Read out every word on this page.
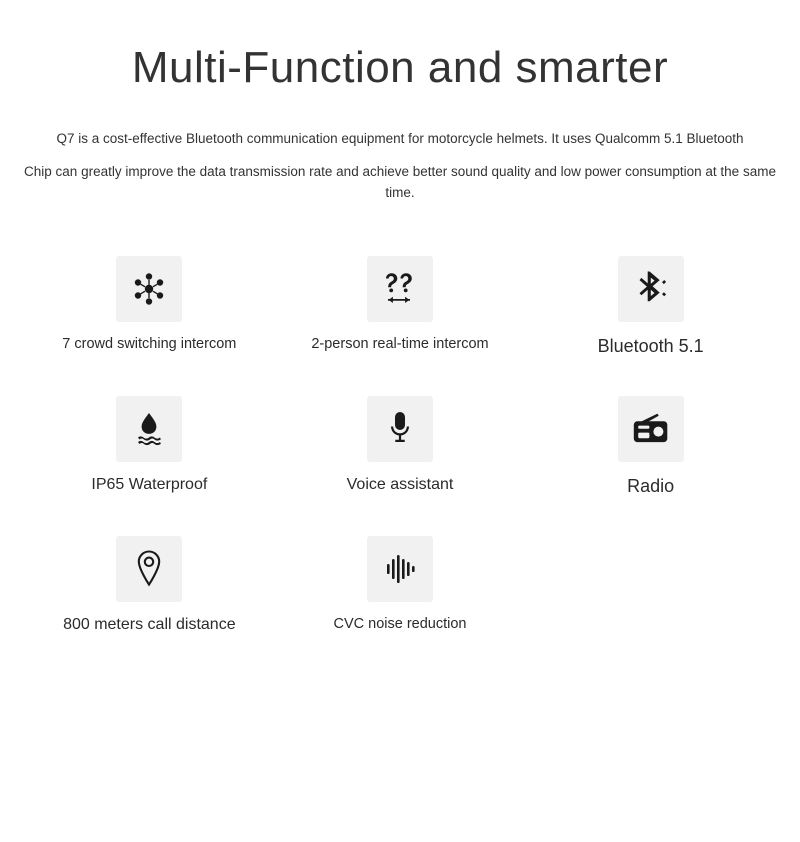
Multi-Function and smarter

Q7 is a cost-effective Bluetooth communication equipment for motorcycle helmets. It uses Qualcomm 5.1 Bluetooth

Chip can greatly improve the data transmission rate and achieve better sound quality and low power consumption at the same time.

7 crowd switching intercom	2-person real-time intercom	Bluetooth 5.1
IP65 Waterproof	Voice assistant	Radio
800 meters call distance	CVC noise reduction
